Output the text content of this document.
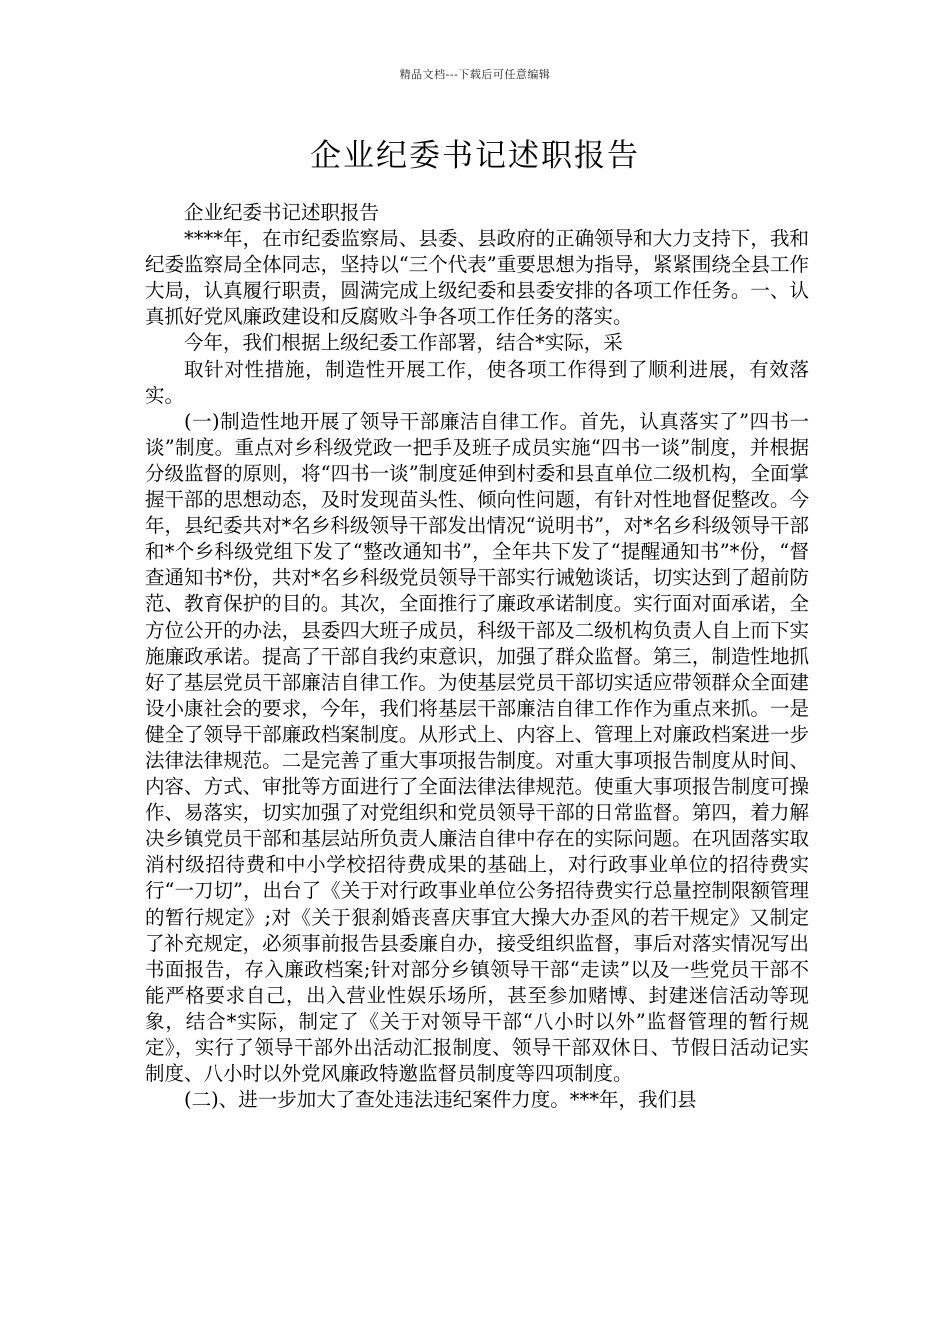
精品文档---下载后可任意编辑
企业纪委书记述职报告

企业纪委书记述职报告

****年，在市纪委监察局、县委、县政府的正确领导和大力支持下，我和纪委监察局全体同志，坚持以“三个代表”重要思想为指导，紧紧围绕全县工作大局，认真履行职责，圆满完成上级纪委和县委安排的各项工作任务。一、认真抓好党风廉政建设和反腐败斗争各项工作任务的落实。

今年，我们根据上级纪委工作部署，结合*实际，采

取针对性措施，制造性开展工作，使各项工作得到了顺利进展，有效落实。

(一)制造性地开展了领导干部廉洁自律工作。首先，认真落实了”四书一谈”制度。重点对乡科级党政一把手及班子成员实施“四书一谈”制度，并根据分级监督的原则，将“四书一谈”制度延伸到村委和县直单位二级机构，全面掌握干部的思想动态，及时发现苗头性、倾向性问题，有针对性地督促整改。今年，县纪委共对*名乡科级领导干部发出情况“说明书”，对*名乡科级领导干部和*个乡科级党组下发了“整改通知书”，全年共下发了“提醒通知书”*份，“督查通知书*份，共对*名乡科级党员领导干部实行诫勉谈话，切实达到了超前防范、教育保护的目的。其次，全面推行了廉政承诺制度。实行面对面承诺，全方位公开的办法，县委四大班子成员，科级干部及二级机构负责人自上而下实施廉政承诺。提高了干部自我约束意识，加强了群众监督。第三，制造性地抓好了基层党员干部廉洁自律工作。为使基层党员干部切实适应带领群众全面建设小康社会的要求，今年，我们将基层干部廉洁自律工作作为重点来抓。一是健全了领导干部廉政档案制度。从形式上、内容上、管理上对廉政档案进一步法律法律规范。二是完善了重大事项报告制度。对重大事项报告制度从时间、内容、方式、审批等方面进行了全面法律法律规范。使重大事项报告制度可操作、易落实，切实加强了对党组织和党员领导干部的日常监督。第四，着力解决乡镇党员干部和基层站所负责人廉洁自律中存在的实际问题。在巩固落实取消村级招待费和中小学校招待费成果的基础上，对行政事业单位的招待费实行“一刀切”，出台了《关于对行政事业单位公务招待费实行总量控制限额管理的暂行规定》;对《关于狠刹婚丧喜庆事宜大操大办歪风的若干规定》又制定了补充规定，必须事前报告县委廉自办，接受组织监督，事后对落实情况写出书面报告，存入廉政档案;针对部分乡镇领导干部“走读”以及一些党员干部不能严格要求自己，出入营业性娱乐场所，甚至参加赌博、封建迷信活动等现象，结合*实际，制定了《关于对领导干部“八小时以外”监督管理的暂行规定》，实行了领导干部外出活动汇报制度、领导干部双休日、节假日活动记实制度、八小时以外党风廉政特邀监督员制度等四项制度。

(二)、进一步加大了查处违法违纪案件力度。***年，我们县
